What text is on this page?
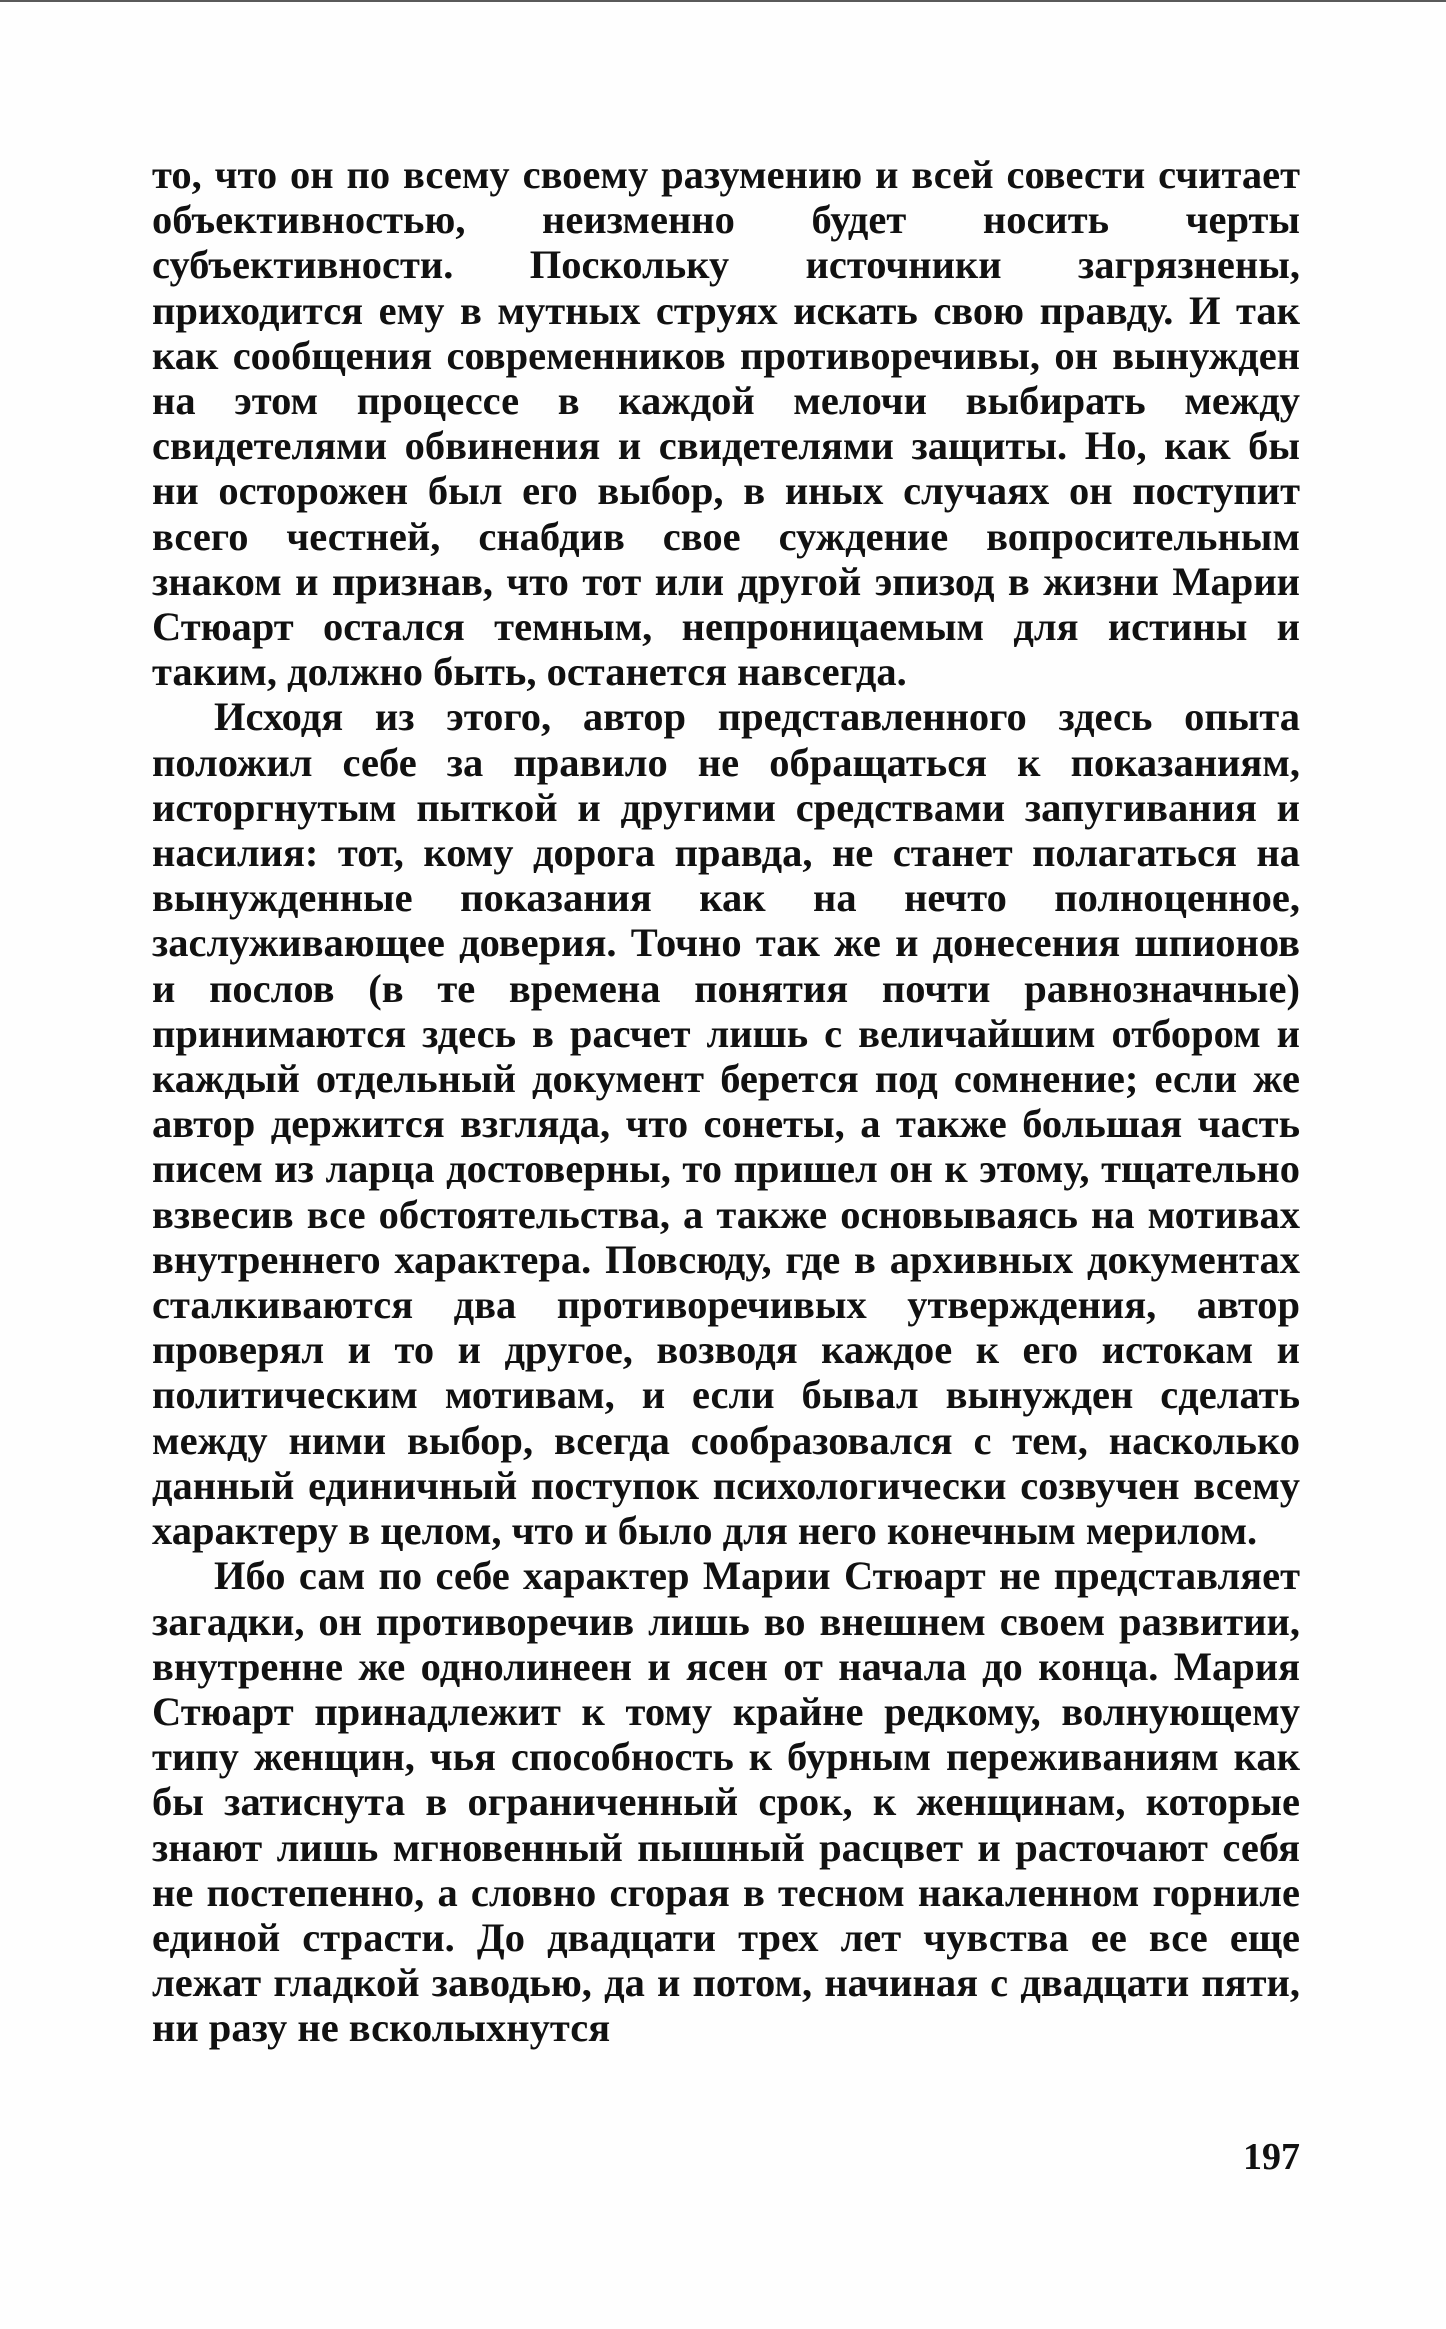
то, что он по всему своему разумению и всей совести считает объективностью, неизменно будет носить черты субъективности. Поскольку источники загрязнены, приходится ему в мутных струях искать свою правду. И так как сообщения современников противоречивы, он вынужден на этом процессе в каждой мелочи выбирать между свидетелями обвинения и свидетелями защиты. Но, как бы ни осторожен был его выбор, в иных случаях он поступит всего честней, снабдив свое суждение вопросительным знаком и признав, что тот или другой эпизод в жизни Марии Стюарт остался темным, непроницаемым для истины и таким, должно быть, останется навсегда.

Исходя из этого, автор представленного здесь опыта положил себе за правило не обращаться к показаниям, исторгнутым пыткой и другими средствами запугивания и насилия: тот, кому дорога правда, не станет полагаться на вынужденные показания как на нечто полноценное, заслуживающее доверия. Точно так же и донесения шпионов и послов (в те времена понятия почти равнозначные) принимаются здесь в расчет лишь с величайшим отбором и каждый отдельный документ берется под сомнение; если же автор держится взгляда, что сонеты, а также большая часть писем из ларца достоверны, то пришел он к этому, тщательно взвесив все обстоятельства, а также основываясь на мотивах внутреннего характера. Повсюду, где в архивных документах сталкиваются два противоречивых утверждения, автор проверял и то и другое, возводя каждое к его истокам и политическим мотивам, и если бывал вынужден сделать между ними выбор, всегда сообразовался с тем, насколько данный единичный поступок психологически созвучен всему характеру в целом, что и было для него конечным мерилом.

Ибо сам по себе характер Марии Стюарт не представляет загадки, он противоречив лишь во внешнем своем развитии, внутренне же однолинеен и ясен от начала до конца. Мария Стюарт принадлежит к тому крайне редкому, волнующему типу женщин, чья способность к бурным переживаниям как бы затиснута в ограниченный срок, к женщинам, которые знают лишь мгновенный пышный расцвет и расточают себя не постепенно, а словно сгорая в тесном накаленном горниле единой страсти. До двадцати трех лет чувства ее все еще лежат гладкой заводью, да и потом, начиная с двадцати пяти, ни разу не всколыхнутся

197
